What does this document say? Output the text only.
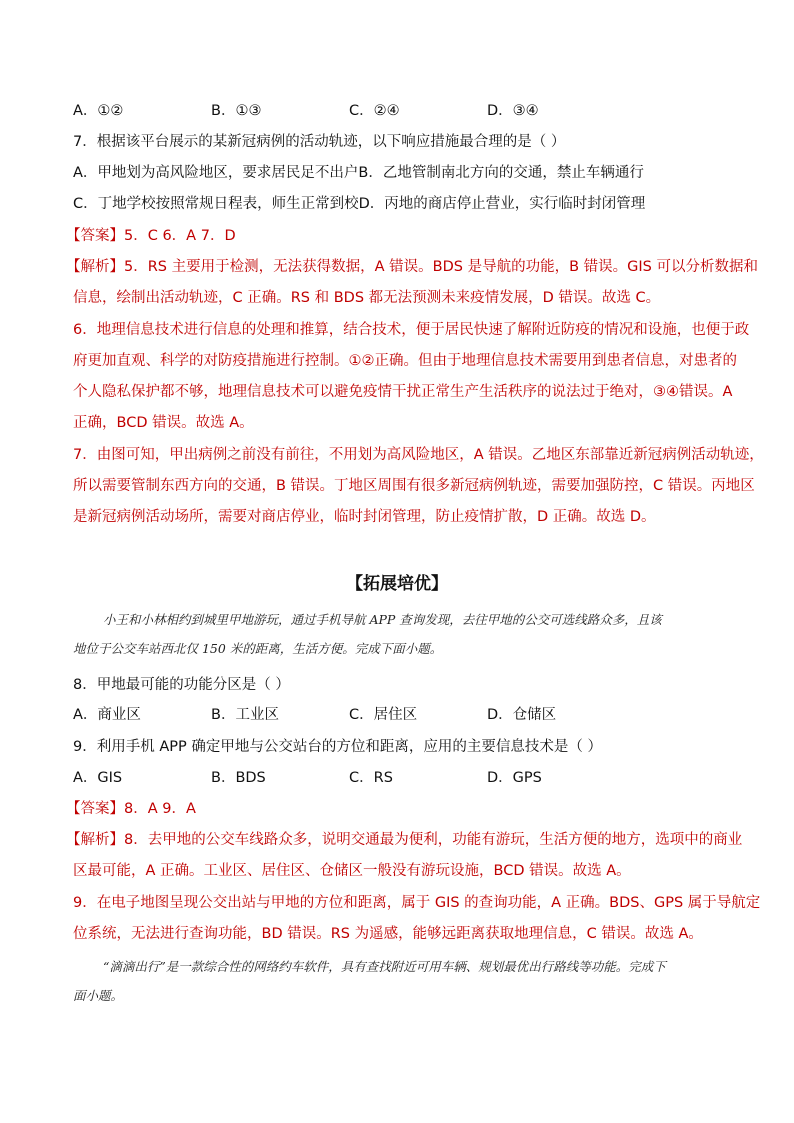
A．①②	B．①③	C．②④	D．③④
7．根据该平台展示的某新冠病例的活动轨迹，以下响应措施最合理的是（ ）
A．甲地划为高风险地区，要求居民足不出户B．乙地管制南北方向的交通，禁止车辆通行
C．丁地学校按照常规日程表，师生正常到校D．丙地的商店停止营业，实行临时封闭管理
【答案】5．C 6．A 7．D
【解析】5．RS 主要用于检测，无法获得数据，A 错误。BDS 是导航的功能，B 错误。GIS 可以分析数据和
信息，绘制出活动轨迹，C 正确。RS 和 BDS 都无法预测未来疫情发展，D 错误。故选 C。
6．地理信息技术进行信息的处理和推算，结合技术，便于居民快速了解附近防疫的情况和设施，也便于政
府更加直观、科学的对防疫措施进行控制。①②正确。但由于地理信息技术需要用到患者信息，对患者的
个人隐私保护都不够，地理信息技术可以避免疫情干扰正常生产生活秩序的说法过于绝对，③④错误。A
正确，BCD 错误。故选 A。
7．由图可知，甲出病例之前没有前往，不用划为高风险地区，A 错误。乙地区东部靠近新冠病例活动轨迹，
所以需要管制东西方向的交通，B 错误。丁地区周围有很多新冠病例轨迹，需要加强防控，C 错误。丙地区
是新冠病例活动场所，需要对商店停业，临时封闭管理，防止疫情扩散，D 正确。故选 D。
【拓展培优】

小王和小林相约到城里甲地游玩，通过手机导航 APP 查询发现，去往甲地的公交可选线路众多，且该

地位于公交车站西北仅 150 米的距离，生活方便。完成下面小题。

8．甲地最可能的功能分区是（ ）
A．商业区	B．工业区	C．居住区	D．仓储区
9．利用手机 APP 确定甲地与公交站台的方位和距离，应用的主要信息技术是（ ）
A．GIS	B．BDS	C．RS	D．GPS
【答案】8．A 9．A
【解析】8．去甲地的公交车线路众多，说明交通最为便利，功能有游玩，生活方便的地方，选项中的商业
区最可能，A 正确。工业区、居住区、仓储区一般没有游玩设施，BCD 错误。故选 A。
9．在电子地图呈现公交出站与甲地的方位和距离，属于 GIS 的查询功能，A 正确。BDS、GPS 属于导航定
位系统，无法进行查询功能，BD 错误。RS 为遥感，能够远距离获取地理信息，C 错误。故选 A。

“滴滴出行”是一款综合性的网络约车软件，具有查找附近可用车辆、规划最优出行路线等功能。完成下

面小题。
